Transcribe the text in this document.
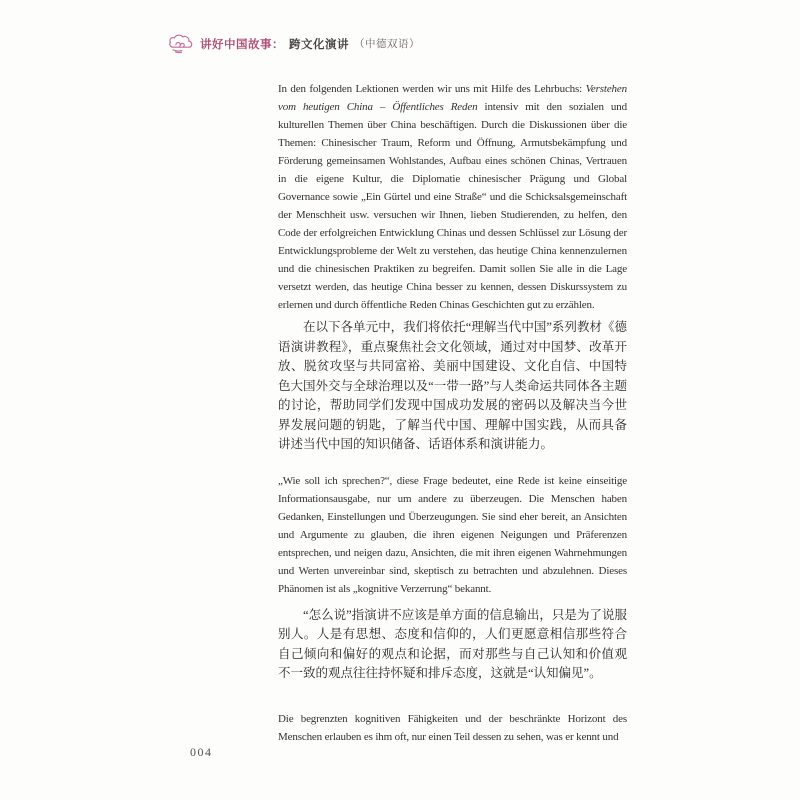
讲好中国故事： 跨文化演讲 （中德双语）

In den folgenden Lektionen werden wir uns mit Hilfe des Lehrbuchs: Verstehen vom heutigen China – Öffentliches Reden intensiv mit den sozialen und kulturellen Themen über China beschäftigen. Durch die Diskussionen über die Themen: Chinesischer Traum, Reform und Öffnung, Armutsbekämpfung und Förderung gemeinsamen Wohlstandes, Aufbau eines schönen Chinas, Vertrauen in die eigene Kultur, die Diplomatie chinesischer Prägung und Global Governance sowie „Ein Gürtel und eine Straße“ und die Schicksalsgemeinschaft der Menschheit usw. versuchen wir Ihnen, lieben Studierenden, zu helfen, den Code der erfolgreichen Entwicklung Chinas und dessen Schlüssel zur Lösung der Entwicklungsprobleme der Welt zu verstehen, das heutige China kennenzulernen und die chinesischen Praktiken zu begreifen. Damit sollen Sie alle in die Lage versetzt werden, das heutige China besser zu kennen, dessen Diskurssystem zu erlernen und durch öffentliche Reden Chinas Geschichten gut zu erzählen.

在以下各单元中，我们将依托“理解当代中国”系列教材《德语演讲教程》，重点聚焦社会文化领域，通过对中国梦、改革开放、脱贫攻坚与共同富裕、美丽中国建设、文化自信、中国特色大国外交与全球治理以及“一带一路”与人类命运共同体各主题的讨论，帮助同学们发现中国成功发展的密码以及解决当今世界发展问题的钥匙，了解当代中国、理解中国实践，从而具备讲述当代中国的知识储备、话语体系和演讲能力。

„Wie soll ich sprechen?“, diese Frage bedeutet, eine Rede ist keine einseitige Informationsausgabe, nur um andere zu überzeugen. Die Menschen haben Gedanken, Einstellungen und Überzeugungen. Sie sind eher bereit, an Ansichten und Argumente zu glauben, die ihren eigenen Neigungen und Präferenzen entsprechen, und neigen dazu, Ansichten, die mit ihren eigenen Wahrnehmungen und Werten unvereinbar sind, skeptisch zu betrachten und abzulehnen. Dieses Phänomen ist als „kognitive Verzerrung“ bekannt.

“怎么说”指演讲不应该是单方面的信息输出，只是为了说服别人。人是有思想、态度和信仰的，人们更愿意相信那些符合自己倾向和偏好的观点和论据，而对那些与自己认知和价值观不一致的观点往往持怀疑和排斥态度，这就是“认知偏见”。

Die begrenzten kognitiven Fähigkeiten und der beschränkte Horizont des Menschen erlauben es ihm oft, nur einen Teil dessen zu sehen, was er kennt und

004
